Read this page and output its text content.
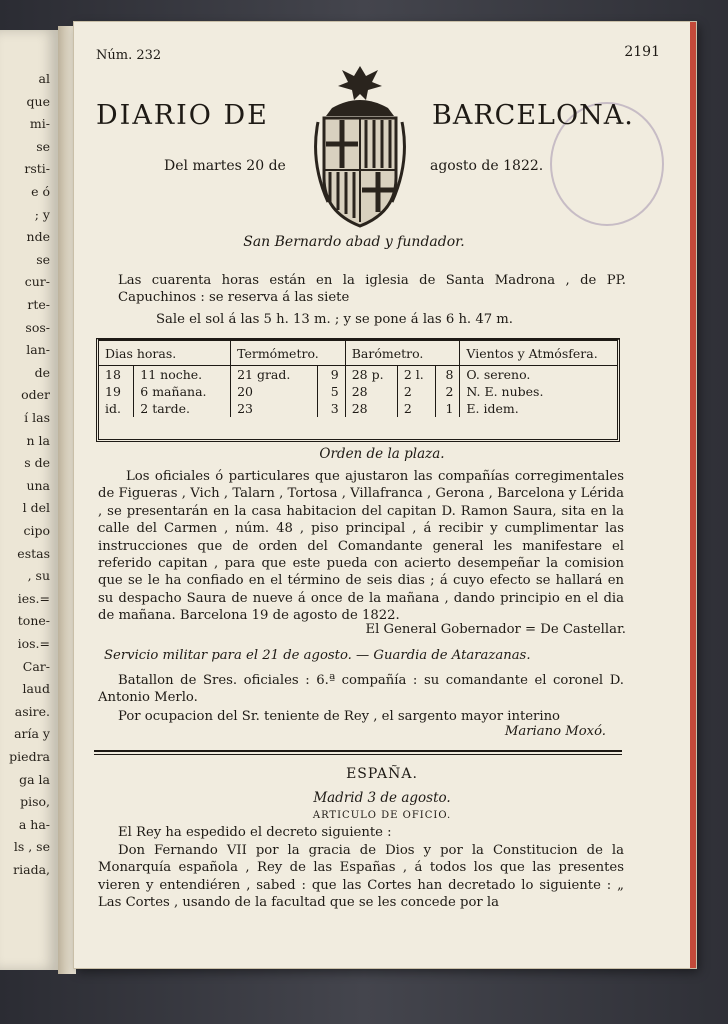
al
que
mi-
se
rsti-
e ó
; y
nde
se
cur-
rte-
sos-
lan-
de
oder
í las
n la
s de
una
l del
cipo
estas
, su
ies.=
tone-
ios.=
Car-
laud
asire.
aría y
piedra
ga la
piso,
a ha-
ls , se
riada,
Núm. 232	2191
DIARIO DE	BARCELONA.
Del martes 20 de	agosto de 1822.
San Bernardo abad y fundador.
Las cuarenta horas están en la iglesia de Santa Madrona , de PP. Capuchinos : se reserva á las siete
Sale el sol á las 5 h. 13 m. ; y se pone á las 6 h. 47 m.
Dias horas.		Termómetro.		Barómetro.			Vientos y Atmósfera.
18	11 noche.	21 grad.	9	28 p.	2 l.	8	O. sereno.
19	6 mañana.	20	5	28	2	2	N. E. nubes.
id.	2 tarde.	23	3	28	2	1	E. idem.
Orden de la plaza.
Los oficiales ó particulares que ajustaron las compañías corregimentales de Figueras , Vich , Talarn , Tortosa , Villafranca , Gerona , Barcelona y Lérida , se presentarán en la casa habitacion del capitan D. Ramon Saura, sita en la calle del Carmen , núm. 48 , piso principal , á recibir y cumplimentar las instrucciones que de orden del Comandante general les manifestare el referido capitan , para que este pueda con acierto desempeñar la comision que se le ha confiado en el término de seis dias ; á cuyo efecto se hallará en su despacho Saura de nueve á once de la mañana , dando principio en el dia de mañana. Barcelona 19 de agosto de 1822.
El General Gobernador = De Castellar.
Servicio militar para el 21 de agosto. — Guardia de Atarazanas.
Batallon de Sres. oficiales : 6.ª compañía : su comandante el coronel D. Antonio Merlo.
Por ocupacion del Sr. teniente de Rey , el sargento mayor interino
Mariano Moxó.
ESPAÑA.
Madrid 3 de agosto.
ARTICULO DE OFICIO.
El Rey ha espedido el decreto siguiente :
Don Fernando VII por la gracia de Dios y por la Constitucion de la Monarquía española , Rey de las Españas , á todos los que las presentes vieren y entendiéren , sabed : que las Cortes han decretado lo siguiente : „ Las Cortes , usando de la facultad que se les concede por la
